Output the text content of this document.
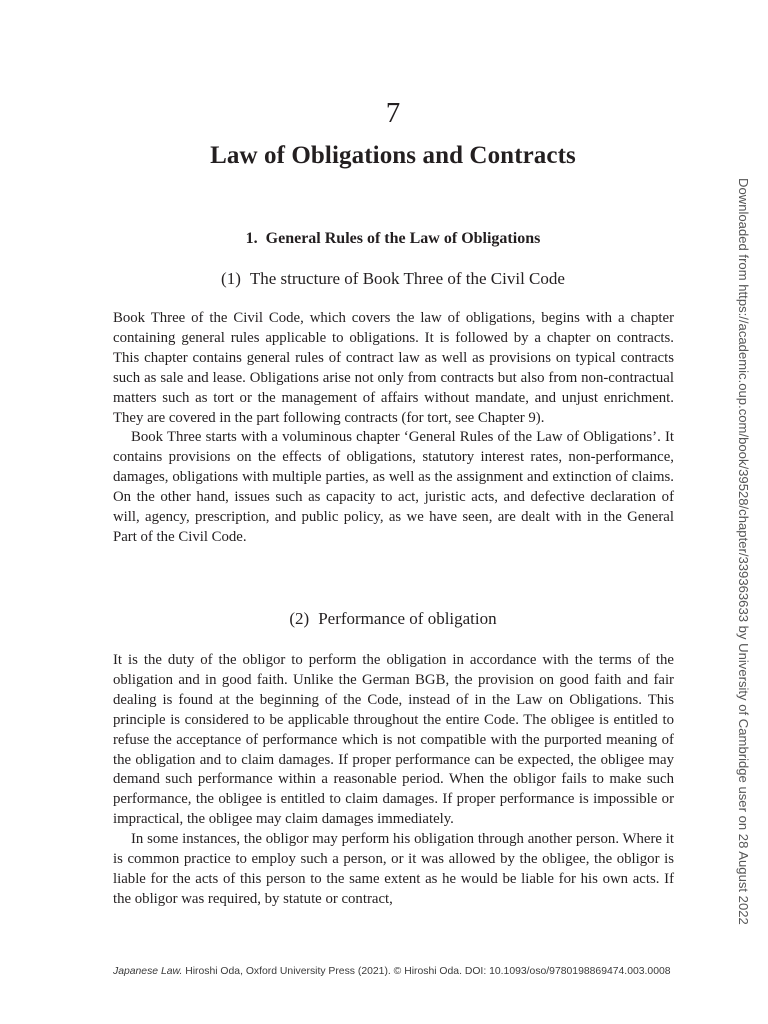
7
Law of Obligations and Contracts
1. General Rules of the Law of Obligations
(1) The structure of Book Three of the Civil Code

Book Three of the Civil Code, which covers the law of obligations, begins with a chapter containing general rules applicable to obligations. It is followed by a chapter on contracts. This chapter contains general rules of contract law as well as provisions on typical contracts such as sale and lease. Obligations arise not only from contracts but also from non-contractual matters such as tort or the management of affairs without mandate, and unjust enrichment. They are covered in the part following contracts (for tort, see Chapter 9).

Book Three starts with a voluminous chapter ‘General Rules of the Law of Obligations’. It contains provisions on the effects of obligations, statutory interest rates, non-performance, damages, obligations with multiple parties, as well as the assignment and extinction of claims. On the other hand, issues such as capacity to act, juristic acts, and defective declaration of will, agency, prescription, and public policy, as we have seen, are dealt with in the General Part of the Civil Code.

(2) Performance of obligation

It is the duty of the obligor to perform the obligation in accordance with the terms of the obligation and in good faith. Unlike the German BGB, the provision on good faith and fair dealing is found at the beginning of the Code, instead of in the Law on Obligations. This principle is considered to be applicable throughout the entire Code. The obligee is entitled to refuse the acceptance of performance which is not compatible with the purported meaning of the obligation and to claim damages. If proper performance can be expected, the obligee may demand such performance within a reasonable period. When the obligor fails to make such performance, the obligee is entitled to claim damages. If proper performance is impossible or impractical, the obligee may claim damages immediately.

In some instances, the obligor may perform his obligation through another person. Where it is common practice to employ such a person, or it was allowed by the obligee, the obligor is liable for the acts of this person to the same extent as he would be liable for his own acts. If the obligor was required, by statute or contract,	Downloaded from https://academic.oup.com/book/39528/chapter/339363633 by University of Cambridge user on 28 August 2022
Japanese Law. Hiroshi Oda, Oxford University Press (2021). © Hiroshi Oda. DOI: 10.1093/oso/9780198869474.003.0008
